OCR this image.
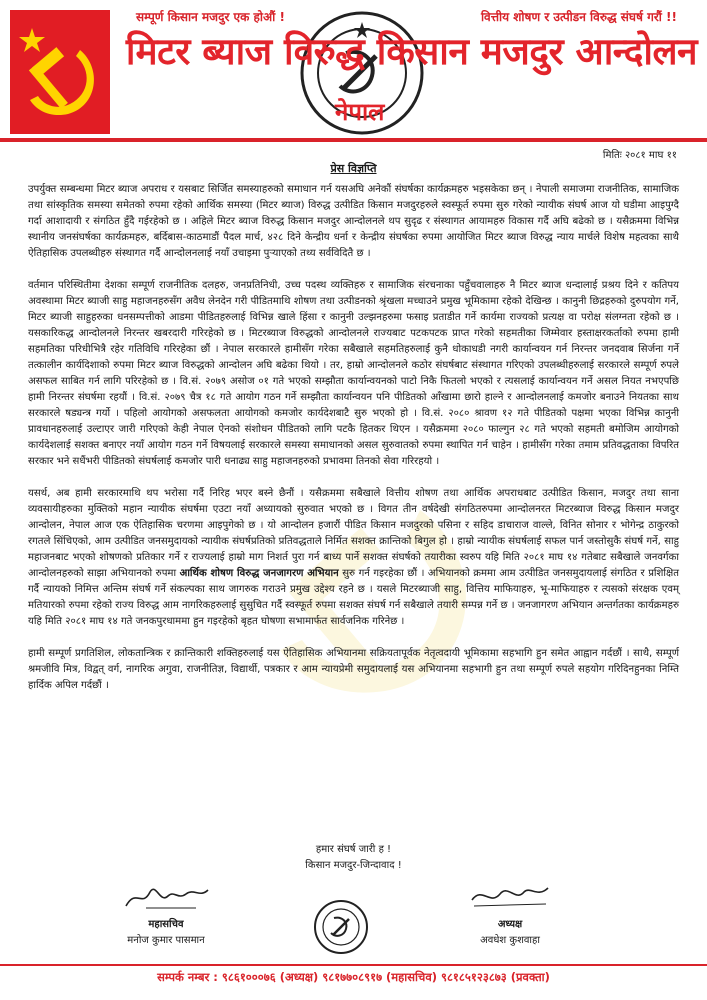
सम्पूर्ण किसान मजदुर एक होऔं !	वित्तीय शोषण र उत्पीडन विरुद्ध संघर्ष गरौं !!
मिटर ब्याज विरुद्ध किसान मजदुर आन्दोलन
नेपाल
मितिः २०८१ माघ ११
प्रेस विज्ञप्ति

उपर्युक्त सम्बन्धमा मिटर ब्याज अपराध र यसबाट सिर्जित समस्याहरुको समाधान गर्न यसअघि अनेकौं संघर्षका कार्यक्रमहरु भइसकेका छन् । नेपाली समाजमा राजनीतिक, सामाजिक तथा सांस्कृतिक समस्या समेतको रुपमा रहेको आर्थिक समस्या (मिटर ब्याज) विरुद्ध उत्पीडित किसान मजदुरहरुले स्वस्फूर्त रुपमा सुरु गरेको न्यायीक संघर्ष आज यो घडीमा आइपुग्दै गर्दा आशादायी र संगठित हुँदै गईरहेको छ । अहिले मिटर ब्याज विरुद्ध किसान मजदुर आन्दोलनले थप सुदृढ र संस्थागत आयामहरु विकास गर्दै अघि बढेको छ । यसैक्रममा विभिन्न स्थानीय जनसंघर्षका कार्यक्रमहरु, बर्दिबास-काठमाडौं पैदल मार्च, ४२८ दिने केन्द्रीय धर्ना र केन्द्रीय संघर्षका रुपमा आयोजित मिटर ब्याज विरुद्ध न्याय मार्चले विशेष महत्वका साथै ऐतिहासिक उपलब्धीहरु संस्थागत गर्दै आन्दोलनलाई नयाँ उचाइमा पुऱ्याएको तथ्य सर्वविदितै छ ।

वर्तमान परिस्थितीमा देशका सम्पूर्ण राजनीतिक दलहरु, जनप्रतिनिधी, उच्च पदस्थ व्यक्तिहरु र सामाजिक संरचनाका पहुँचवालाहरु नै मिटर ब्याज धन्दालाई प्रश्रय दिने र कतिपय अवस्थामा मिटर ब्याजी साहु महाजनहरुसँग अवैध लेनदेन गरी पीडितमाथि शोषण तथा उत्पीडनको श्रृंखला मच्चाउने प्रमुख भूमिकामा रहेको देखिन्छ । कानुनी छिद्रहरुको दुरुपयोग गर्ने, मिटर ब्याजी साहुहरुका धनसम्पत्तीको आडमा पीडितहरुलाई विभिन्न खाले हिंसा र कानुनी उल्झनहरुमा फसाइ प्रताडीत गर्ने कार्यमा राज्यको प्रत्यक्ष वा परोक्ष संलग्नता रहेको छ । यसकारिकद्ध आन्दोलनले निरन्तर खबरदारी गरिरहेको छ । मिटरब्याज विरुद्धको आन्दोलनले राज्यबाट पटकपटक प्राप्त गरेको सहमतीका जिम्मेवार हस्ताक्षरकर्ताको रुपमा हामी सहमतिका परिधीभित्रै रहेर गतिविधि गरिरहेका छौं । नेपाल सरकारले हामीसँग गरेका सबैखाले सहमतिहरुलाई कुनै धोकाधडी नगरी कार्यान्वयन गर्न निरन्तर जनदवाब सिर्जना गर्ने तत्कालीन कार्यदिशाको रुपमा मिटर ब्याज विरुद्धको आन्दोलन अघि बढेका थियो । तर, हाम्रो आन्दोलनले कठोर संघर्षबाट संस्थागत गरिएको उपलब्धीहरुलाई सरकारले सम्पूर्ण रुपले असफल साबित गर्न लागि परिरहेको छ । वि.सं. २०७९ असोज ०१ गते भएको सम्झौता कार्यान्वयनको पाटो निकै फितलो भएको र त्यसलाई कार्यान्वयन गर्ने असल नियत नभएपछि हामी निरन्तर संघर्षमा रहयौं । वि.सं. २०७९ चैत्र १८ गते आयोग गठन गर्ने सम्झौता कार्यान्वयन पनि पीडितको आँखामा छारो हाल्ने र आन्दोलनलाई कमजोर बनाउने नियतका साथ सरकारले षड्यन्त्र गर्यो । पहिलो आयोगको असफलता आयोगको कमजोर कार्यदेशबाटै सुरु भएको हो । वि.सं. २०८० श्रावण १२ गते पीडितको पक्षमा भएका विभिन्न कानुनी प्रावधानहरुलाई उल्टाएर जारी गरिएको केही नेपाल ऐनको संशोधन पीडितको लागि पटकै हितकर थिएन । यसैक्रममा २०८० फाल्गुन २८ गते भएको सहमती बमोजिम आयोगको कार्यदेशलाई सशक्त बनाएर नयाँ आयोग गठन गर्ने विषयलाई सरकारले समस्या समाधानको असल सुरुवातको रुपमा स्थापित गर्न चाहेन । हामीसँग गरेका तमाम प्रतिवद्धताका विपरित सरकार भने सधैंभरी पीडितको संघर्षलाई कमजोर पारी धनाढ्य साहु महाजनहरुको प्रभावमा तिनको सेवा गरिरहयो ।

यसर्थ, अब हामी सरकारमाथि थप भरोसा गर्दै निरिह भएर बस्ने छैनौं । यसैक्रममा सबैखाले वित्तीय शोषण तथा आर्थिक अपराधबाट उत्पीडित किसान, मजदुर तथा साना व्यवसायीहरुका मुक्तिको महान न्यायीक संघर्षमा एउटा नयाँ अध्यायको सुरुवात भएको छ । विगत तीन वर्षदेखी संगठितरुपमा आन्दोलनरत मिटरब्याज विरुद्ध किसान मजदुर आन्दोलन, नेपाल आज एक ऐतिहासिक चरणमा आइपुगेको छ । यो आन्दोलन हजारौं पीडित किसान मजदुरको पसिना र सहिद डाचाराज वाल्ले, विनित सोनार र भोगेन्द्र ठाकुरको रगतले सिंचिएको, आम उत्पीडित जनसमुदायको न्यायीक संघर्षप्रतिको प्रतिवद्धताले निर्मित सशक्त क्रान्तिको बिगुल हो । हाम्रो न्यायीक संघर्षलाई सफल पार्न जस्तोसुकै संघर्ष गर्ने, साहु महाजनबाट भएको शोषणको प्रतिकार गर्ने र राज्यलाई हाम्रो माग निशर्त पुरा गर्न बाध्य पार्ने सशक्त संघर्षको तयारीका स्वरुप यहि मिति २०८१ माघ १४ गतेबाट सबैखाले जनवर्गका आन्दोलनहरुको साझा अभियानको रुपमा आर्थिक शोषण विरुद्ध जनजागरण अभियान सुरु गर्न गइरहेका छौं । अभियानको क्रममा आम उत्पीडित जनसमुदायलाई संगठित र प्रशिक्षित गर्दै न्यायको निमित्त अन्तिम संघर्ष गर्ने संकल्पका साथ जागरुक गराउने प्रमुख उद्देश्य रहने छ । यसले मिटरब्याजी साहु, वित्तिय माफियाहरु, भू-माफियाहरु र त्यसको संरक्षक एवम् मतियारको रुपमा रहेको राज्य विरुद्ध आम नागरिकहरुलाई सुसुचित गर्दै स्वस्फूर्त रुपमा सशक्त संघर्ष गर्न सबैखाले तयारी सम्पन्न गर्ने छ । जनजागरण अभियान अन्तर्गतका कार्यक्रमहरु यहि मिति २०८१ माघ १४ गते जनकपुरधाममा हुन गइरहेको बृहत घोषणा सभामार्फत सार्वजनिक गरिनेछ ।

हामी सम्पूर्ण प्रगतिशिल, लोकतान्त्रिक र क्रान्तिकारी शक्तिहरुलाई यस ऐतिहासिक अभियानमा सक्रियतापूर्वक नेतृत्वदायी भूमिकामा सहभागि हुन समेत आह्वान गर्दछौं । साथै, सम्पूर्ण श्रमजीवि मित्र, विद्वत् वर्ग, नागरिक अगुवा, राजनीतिज्ञ, विद्यार्थी, पत्रकार र आम न्यायप्रेमी समुदायलाई यस अभियानमा सहभागी हुन तथा सम्पूर्ण रुपले सहयोग गरिदिनहुनका निम्ति हार्दिक अपिल गर्दछौं ।

हमार संघर्ष जारी ह !
किसान मजदुर-जिन्दावाद !
महासचिव
मनोज कुमार पासमान
अध्यक्ष
अवधेश कुशवाहा
सम्पर्क नम्बर : ९८६१०००७६ (अध्यक्ष) ९८१७७०८९१७ (महासचिव) ९८१८५१२३८७३ (प्रवक्ता)
